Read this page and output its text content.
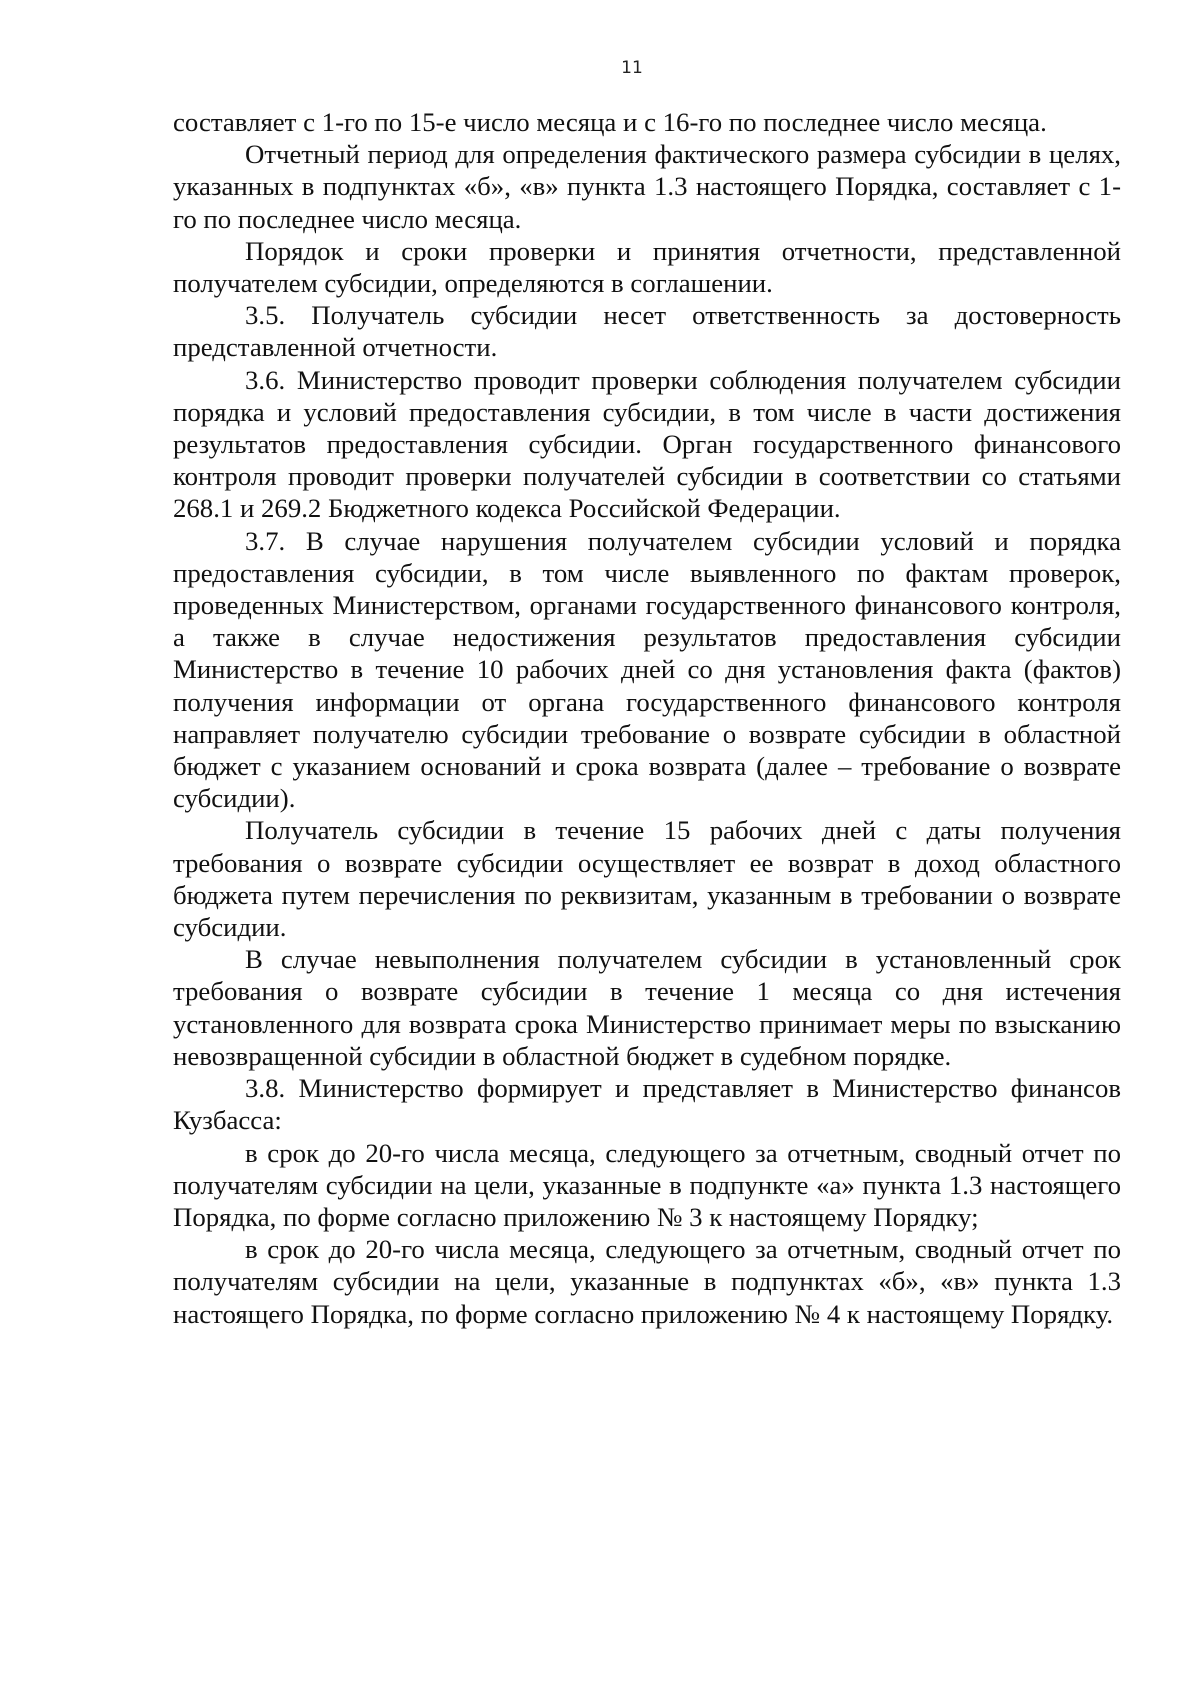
11

составляет с 1-го по 15-е число месяца и с 16-го по последнее число месяца.

Отчетный период для определения фактического размера субсидии в целях, указанных в подпунктах «б», «в» пункта 1.3 настоящего Порядка, составляет с 1-го по последнее число месяца.

Порядок и сроки проверки и принятия отчетности, представленной получателем субсидии, определяются в соглашении.

3.5. Получатель субсидии несет ответственность за достоверность представленной отчетности.

3.6. Министерство проводит проверки соблюдения получателем субсидии порядка и условий предоставления субсидии, в том числе в части достижения результатов предоставления субсидии. Орган государственного финансового контроля проводит проверки получателей субсидии в соответствии со статьями 268.1 и 269.2 Бюджетного кодекса Российской Федерации.

3.7. В случае нарушения получателем субсидии условий и порядка предоставления субсидии, в том числе выявленного по фактам проверок, проведенных Министерством, органами государственного финансового контроля, а также в случае недостижения результатов предоставления субсидии Министерство в течение 10 рабочих дней со дня установления факта (фактов) получения информации от органа государственного финансового контроля направляет получателю субсидии требование о возврате субсидии в областной бюджет с указанием оснований и срока возврата (далее – требование о возврате субсидии).

Получатель субсидии в течение 15 рабочих дней с даты получения требования о возврате субсидии осуществляет ее возврат в доход областного бюджета путем перечисления по реквизитам, указанным в требовании о возврате субсидии.

В случае невыполнения получателем субсидии в установленный срок требования о возврате субсидии в течение 1 месяца со дня истечения установленного для возврата срока Министерство принимает меры по взысканию невозвращенной субсидии в областной бюджет в судебном порядке.

3.8. Министерство формирует и представляет в Министерство финансов Кузбасса:

в срок до 20-го числа месяца, следующего за отчетным, сводный отчет по получателям субсидии на цели, указанные в подпункте «а» пункта 1.3 настоящего Порядка, по форме согласно приложению № 3 к настоящему Порядку;

в срок до 20-го числа месяца, следующего за отчетным, сводный отчет по получателям субсидии на цели, указанные в подпунктах «б», «в» пункта 1.3 настоящего Порядка, по форме согласно приложению № 4 к настоящему Порядку.
